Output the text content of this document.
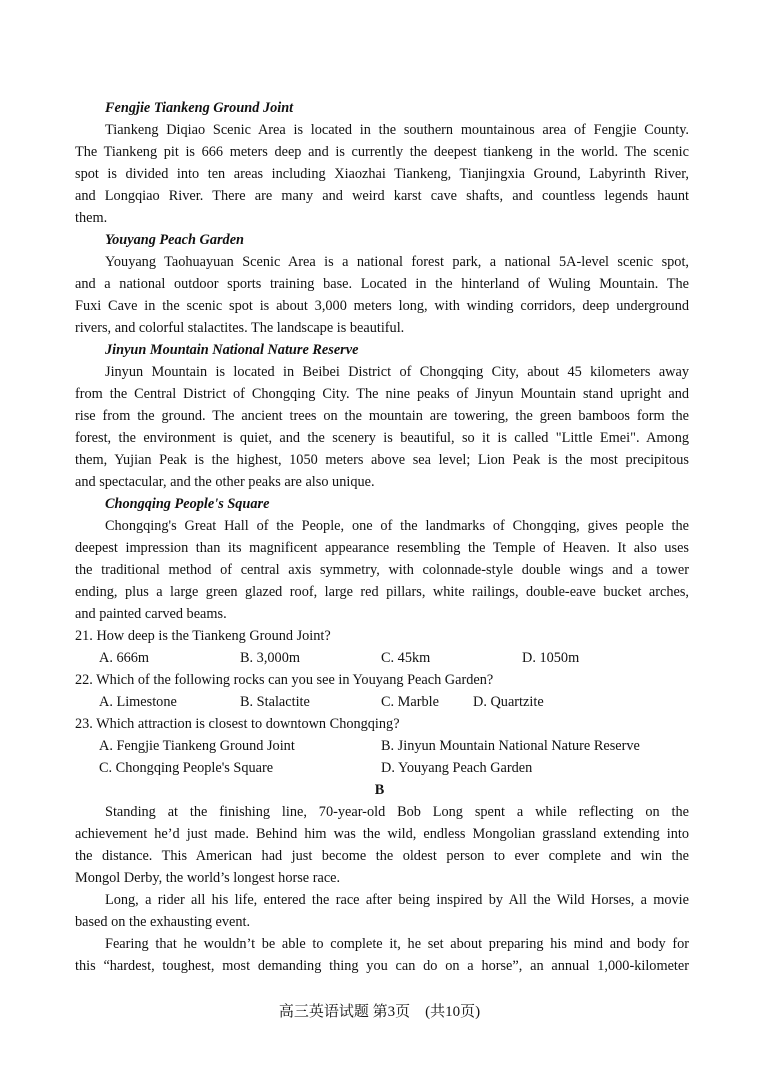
Fengjie Tiankeng Ground Joint
Tiankeng Diqiao Scenic Area is located in the southern mountainous area of Fengjie County.
The Tiankeng pit is 666 meters deep and is currently the deepest tiankeng in the world. The scenic
spot is divided into ten areas including Xiaozhai Tiankeng, Tianjingxia Ground, Labyrinth River,
and Longqiao River. There are many and weird karst cave shafts, and countless legends haunt
them.
Youyang Peach Garden
Youyang Taohuayuan Scenic Area is a national forest park, a national 5A-level scenic spot,
and a national outdoor sports training base. Located in the hinterland of Wuling Mountain. The
Fuxi Cave in the scenic spot is about 3,000 meters long, with winding corridors, deep underground
rivers, and colorful stalactites. The landscape is beautiful.
Jinyun Mountain National Nature Reserve
Jinyun Mountain is located in Beibei District of Chongqing City, about 45 kilometers away
from the Central District of Chongqing City. The nine peaks of Jinyun Mountain stand upright and
rise from the ground. The ancient trees on the mountain are towering, the green bamboos form the
forest, the environment is quiet, and the scenery is beautiful, so it is called "Little Emei". Among
them, Yujian Peak is the highest, 1050 meters above sea level; Lion Peak is the most precipitous
and spectacular, and the other peaks are also unique.
Chongqing People's Square
Chongqing's Great Hall of the People, one of the landmarks of Chongqing, gives people the
deepest impression than its magnificent appearance resembling the Temple of Heaven. It also uses
the traditional method of central axis symmetry, with colonnade-style double wings and a tower
ending, plus a large green glazed roof, large red pillars, white railings, double-eave bucket arches,
and painted carved beams.
21. How deep is the Tiankeng Ground Joint?
A. 666m	B. 3,000m	C. 45km	D. 1050m
22. Which of the following rocks can you see in Youyang Peach Garden?
A. Limestone	B. Stalactite	C. Marble D. Quartzite
23. Which attraction is closest to downtown Chongqing?
A. Fengjie Tiankeng Ground Joint	B. Jinyun Mountain National Nature Reserve
C. Chongqing People's Square	D. Youyang Peach Garden
B
Standing at the finishing line, 70-year-old Bob Long spent a while reflecting on the
achievement he’d just made. Behind him was the wild, endless Mongolian grassland extending into
the distance. This American had just become the oldest person to ever complete and win the
Mongol Derby, the world’s longest horse race.
Long, a rider all his life, entered the race after being inspired by All the Wild Horses, a movie
based on the exhausting event.
Fearing that he wouldn’t be able to complete it, he set about preparing his mind and body for
this “hardest, toughest, most demanding thing you can do on a horse”, an annual 1,000-kilometer
高三英语试题 第3页　(共10页)
